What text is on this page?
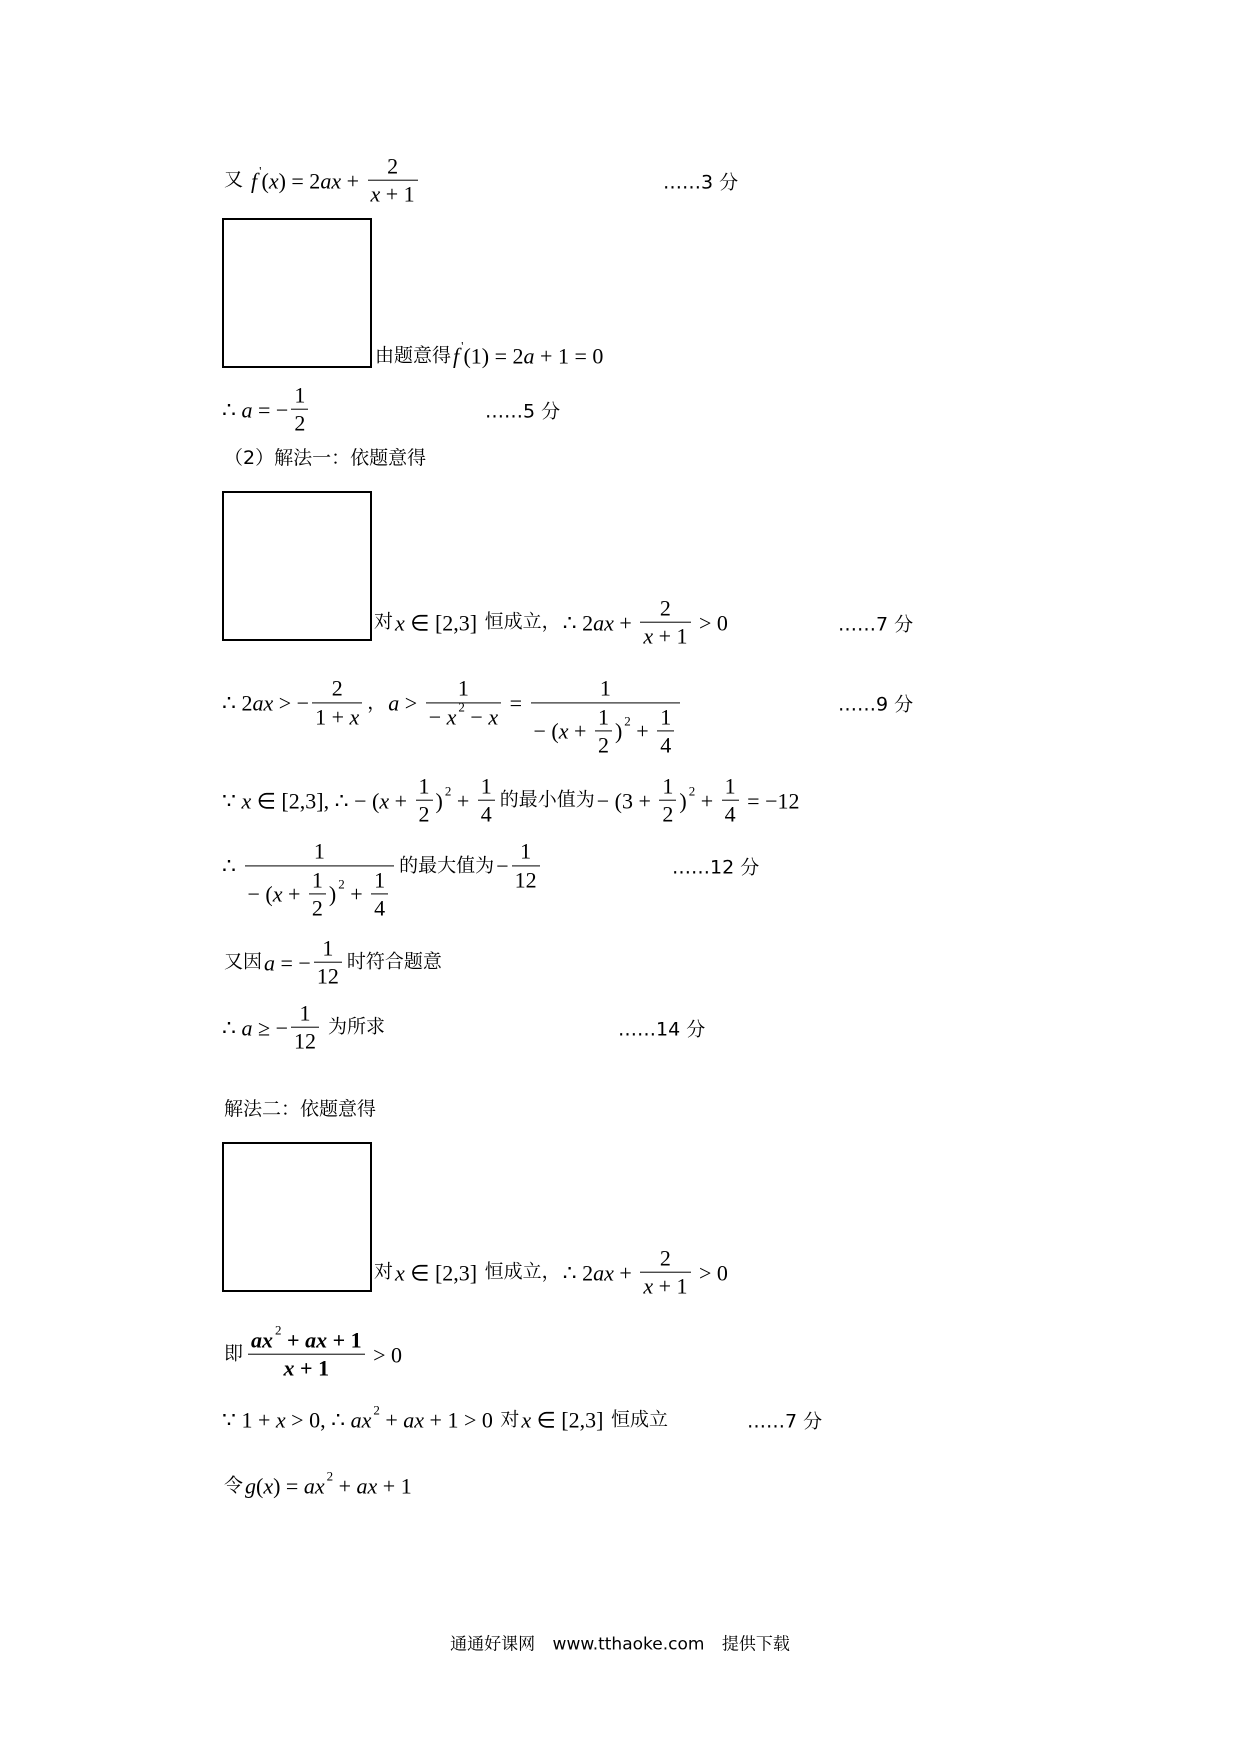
又 f ' ( x ) = 2 ax + $\frac{2}{x + 1}$	……3 分
由题意得 f ' (1) = 2 a + 1 = 0
∴ a = − $\frac{1}{2}$	……5 分
（2）解法一：依题意得
对 x ∈ [2,3] 恒成立， ∴ 2 ax + $\frac{2}{x + 1} > 0$	……7 分
∴ 2 ax > − $\frac{2}{1 + x}$ ， $a > \frac{1}{- x 2 - x}$ =
1
− ( $x + \frac{1}{2}$ ) $2 + \frac{1}{4}$	……9 分
∵ x ∈ [2,3], ∴ − ( $x + \frac{1}{2}$ ) $2 + \frac{1}{4}$ 的最小值为 − ($3 + \frac{1}{2}$ ) $2 + \frac{1}{4} = -12$
∴
1
− ( $x + \frac{1}{2}$ ) $2 + \frac{1}{4}$
的最大值为 − $\frac{1}{12}$	……12 分
又因 a = − $\frac{1}{12}$ 时符合题意
∴ a ≥ − $\frac{1}{12}$ 为所求	……14 分
解法二：依题意得
对 x ∈ [2,3] 恒成立， ∴ 2 ax + $\frac{2}{x + 1} > 0$
即 $\frac{ax 2 + ax + 1}{x + 1} > 0$
∵ 1 + x > 0, ∴ ax 2 + ax + 1 > 0 对 x ∈ [2,3] 恒成立	……7 分
令 g ( x ) = ax 2 + ax + 1
通通好课网 www.tthaoke.com 提供下载
